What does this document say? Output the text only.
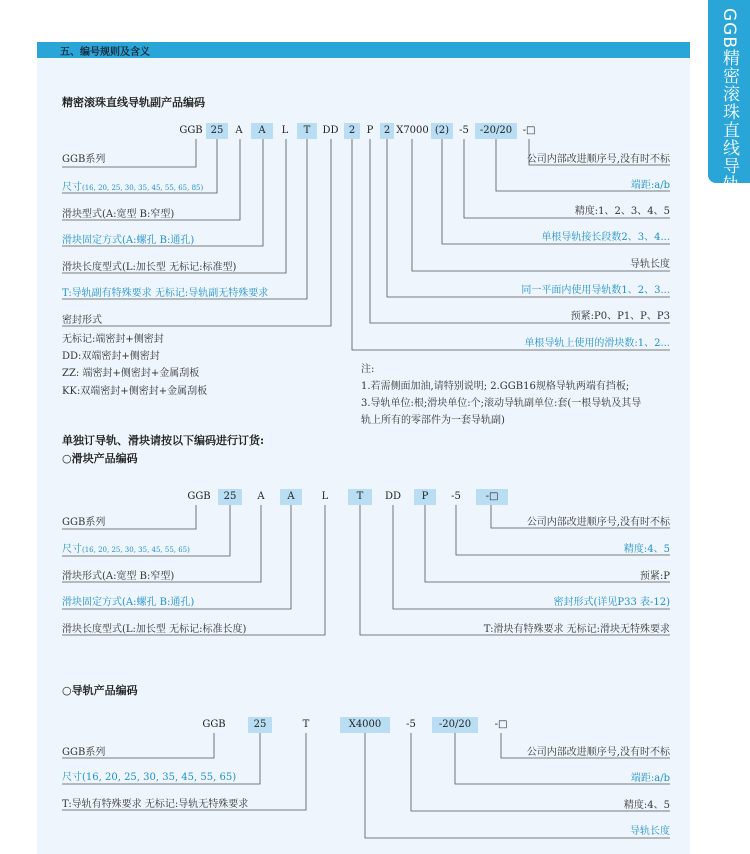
五、编号规则及含义	GGB精密滚珠直线导轨副
精密滚珠直线导轨副产品编码
GGB 25	A	A	L	T	DD	2	P	2 X7000 (2)	-5	-20/20	-□
GGB系列
尺寸(16, 20, 25, 30, 35, 45, 55, 65, 85)
滑块型式(A:宽型 B:窄型)
滑块固定方式(A:螺孔 B:通孔)
滑块长度型式(L:加长型 无标记:标准型)
T:导轨副有特殊要求 无标记:导轨副无特殊要求
密封形式
无标记:端密封+侧密封
DD:双端密封+侧密封
ZZ: 端密封+侧密封+金属刮板
KK:双端密封+侧密封+金属刮板
公司内部改进顺序号,没有时不标
端距:a/b
精度:1、2、3、4、5
单根导轨接长段数2、3、4...
导轨长度
同一平面内使用导轨数1、2、3...
预紧:P0、P1、P、P3
单根导轨上使用的滑块数:1、2...
注:
1.若需侧面加油,请特别说明; 2.GGB16规格导轨两端有挡板;
3.导轨单位:根;滑块单位:个;滚动导轨副单位:套(一根导轨及其导
轨上所有的零部件为一套导轨副)
单独订导轨、滑块请按以下编码进行订货:
○滑块产品编码
GGB	25	A	A	L	T	DD	P	-5	-□
GGB系列
尺寸(16, 20, 25, 30, 35, 45, 55, 65)
滑块形式(A:宽型 B:窄型)
滑块固定方式(A:螺孔 B:通孔)
滑块长度型式(L:加长型 无标记:标准长度)
公司内部改进顺序号,没有时不标
精度:4、5
预紧:P
密封形式(详见P33 表-12)
T:滑块有特殊要求 无标记:滑块无特殊要求
○导轨产品编码
GGB	25	T	X4000	-5	-20/20	-□
GGB系列
尺寸(16, 20, 25, 30, 35, 45, 55, 65)
T:导轨有特殊要求 无标记:导轨无特殊要求
公司内部改进顺序号,没有时不标
端距:a/b
精度:4、5
导轨长度
